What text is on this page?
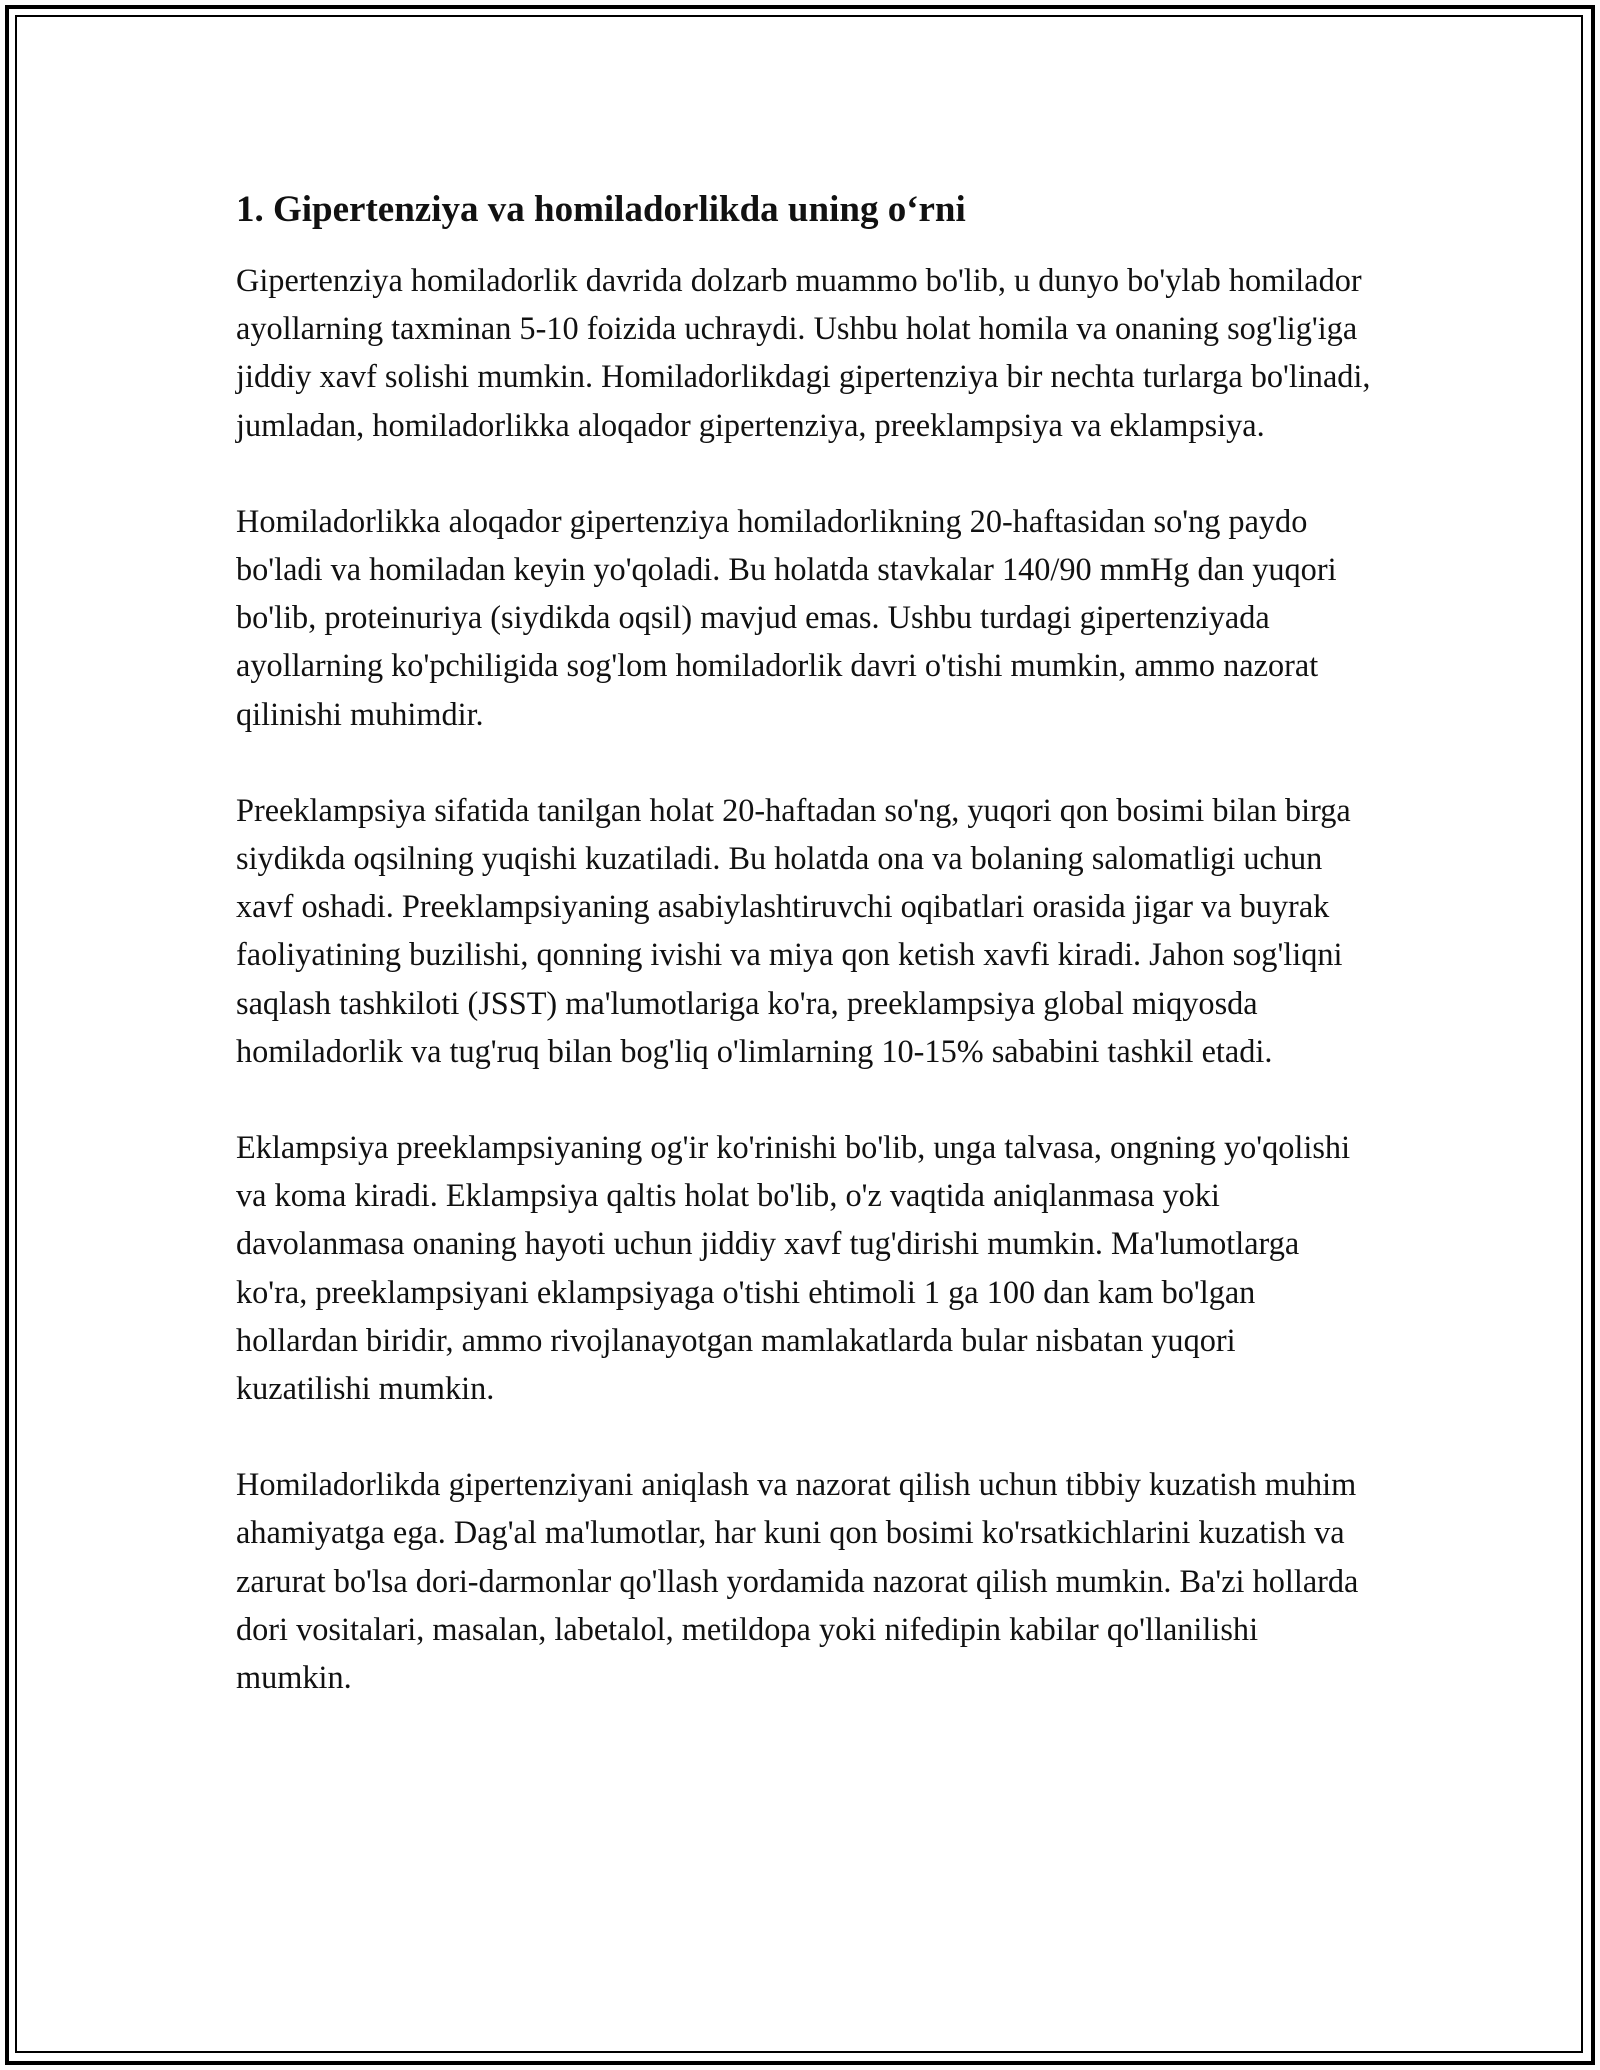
1. Gipertenziya va homiladorlikda uning o‘rni

Gipertenziya homiladorlik davrida dolzarb muammo bo'lib, u dunyo bo'ylab homilador ayollarning taxminan 5-10 foizida uchraydi. Ushbu holat homila va onaning sog'lig'iga jiddiy xavf solishi mumkin. Homiladorlikdagi gipertenziya bir nechta turlarga bo'linadi, jumladan, homiladorlikka aloqador gipertenziya, preeklampsiya va eklampsiya.

Homiladorlikka aloqador gipertenziya homiladorlikning 20-haftasidan so'ng paydo bo'ladi va homiladan keyin yo'qoladi. Bu holatda stavkalar 140/90 mmHg dan yuqori bo'lib, proteinuriya (siydikda oqsil) mavjud emas. Ushbu turdagi gipertenziyada ayollarning ko'pchiligida sog'lom homiladorlik davri o'tishi mumkin, ammo nazorat qilinishi muhimdir.

Preeklampsiya sifatida tanilgan holat 20-haftadan so'ng, yuqori qon bosimi bilan birga siydikda oqsilning yuqishi kuzatiladi. Bu holatda ona va bolaning salomatligi uchun xavf oshadi. Preeklampsiyaning asabiylashtiruvchi oqibatlari orasida jigar va buyrak faoliyatining buzilishi, qonning ivishi va miya qon ketish xavfi kiradi. Jahon sog'liqni saqlash tashkiloti (JSST) ma'lumotlariga ko'ra, preeklampsiya global miqyosda homiladorlik va tug'ruq bilan bog'liq o'limlarning 10-15% sababini tashkil etadi.

Eklampsiya preeklampsiyaning og'ir ko'rinishi bo'lib, unga talvasa, ongning yo'qolishi va koma kiradi. Eklampsiya qaltis holat bo'lib, o'z vaqtida aniqlanmasa yoki davolanmasa onaning hayoti uchun jiddiy xavf tug'dirishi mumkin. Ma'lumotlarga ko'ra, preeklampsiyani eklampsiyaga o'tishi ehtimoli 1 ga 100 dan kam bo'lgan hollardan biridir, ammo rivojlanayotgan mamlakatlarda bular nisbatan yuqori kuzatilishi mumkin.

Homiladorlikda gipertenziyani aniqlash va nazorat qilish uchun tibbiy kuzatish muhim ahamiyatga ega. Dag'al ma'lumotlar, har kuni qon bosimi ko'rsatkichlarini kuzatish va zarurat bo'lsa dori-darmonlar qo'llash yordamida nazorat qilish mumkin. Ba'zi hollarda dori vositalari, masalan, labetalol, metildopa yoki nifedipin kabilar qo'llanilishi mumkin.
